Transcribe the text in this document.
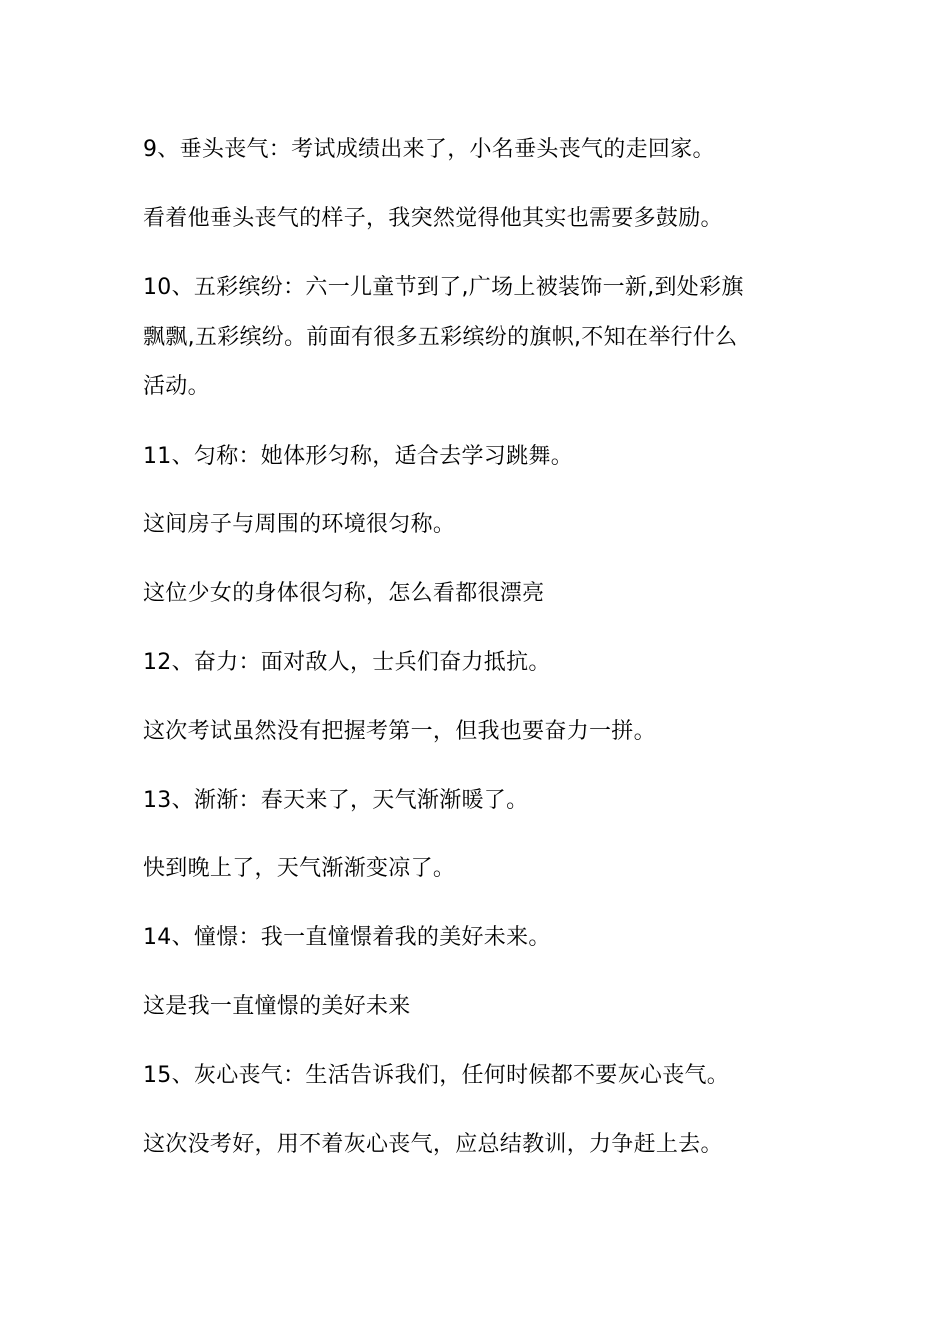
9、垂头丧气：考试成绩出来了，小名垂头丧气的走回家。
看着他垂头丧气的样子，我突然觉得他其实也需要多鼓励。
10、五彩缤纷：六一儿童节到了,广场上被装饰一新,到处彩旗
飘飘,五彩缤纷。前面有很多五彩缤纷的旗帜,不知在举行什么
活动。
11、匀称：她体形匀称，适合去学习跳舞。
这间房子与周围的环境很匀称。
这位少女的身体很匀称，怎么看都很漂亮
12、奋力：面对敌人，士兵们奋力抵抗。
这次考试虽然没有把握考第一，但我也要奋力一拼。
13、渐渐：春天来了，天气渐渐暖了。
快到晚上了，天气渐渐变凉了。
14、憧憬：我一直憧憬着我的美好未来。
这是我一直憧憬的美好未来
15、灰心丧气：生活告诉我们，任何时候都不要灰心丧气。
这次没考好，用不着灰心丧气，应总结教训，力争赶上去。
